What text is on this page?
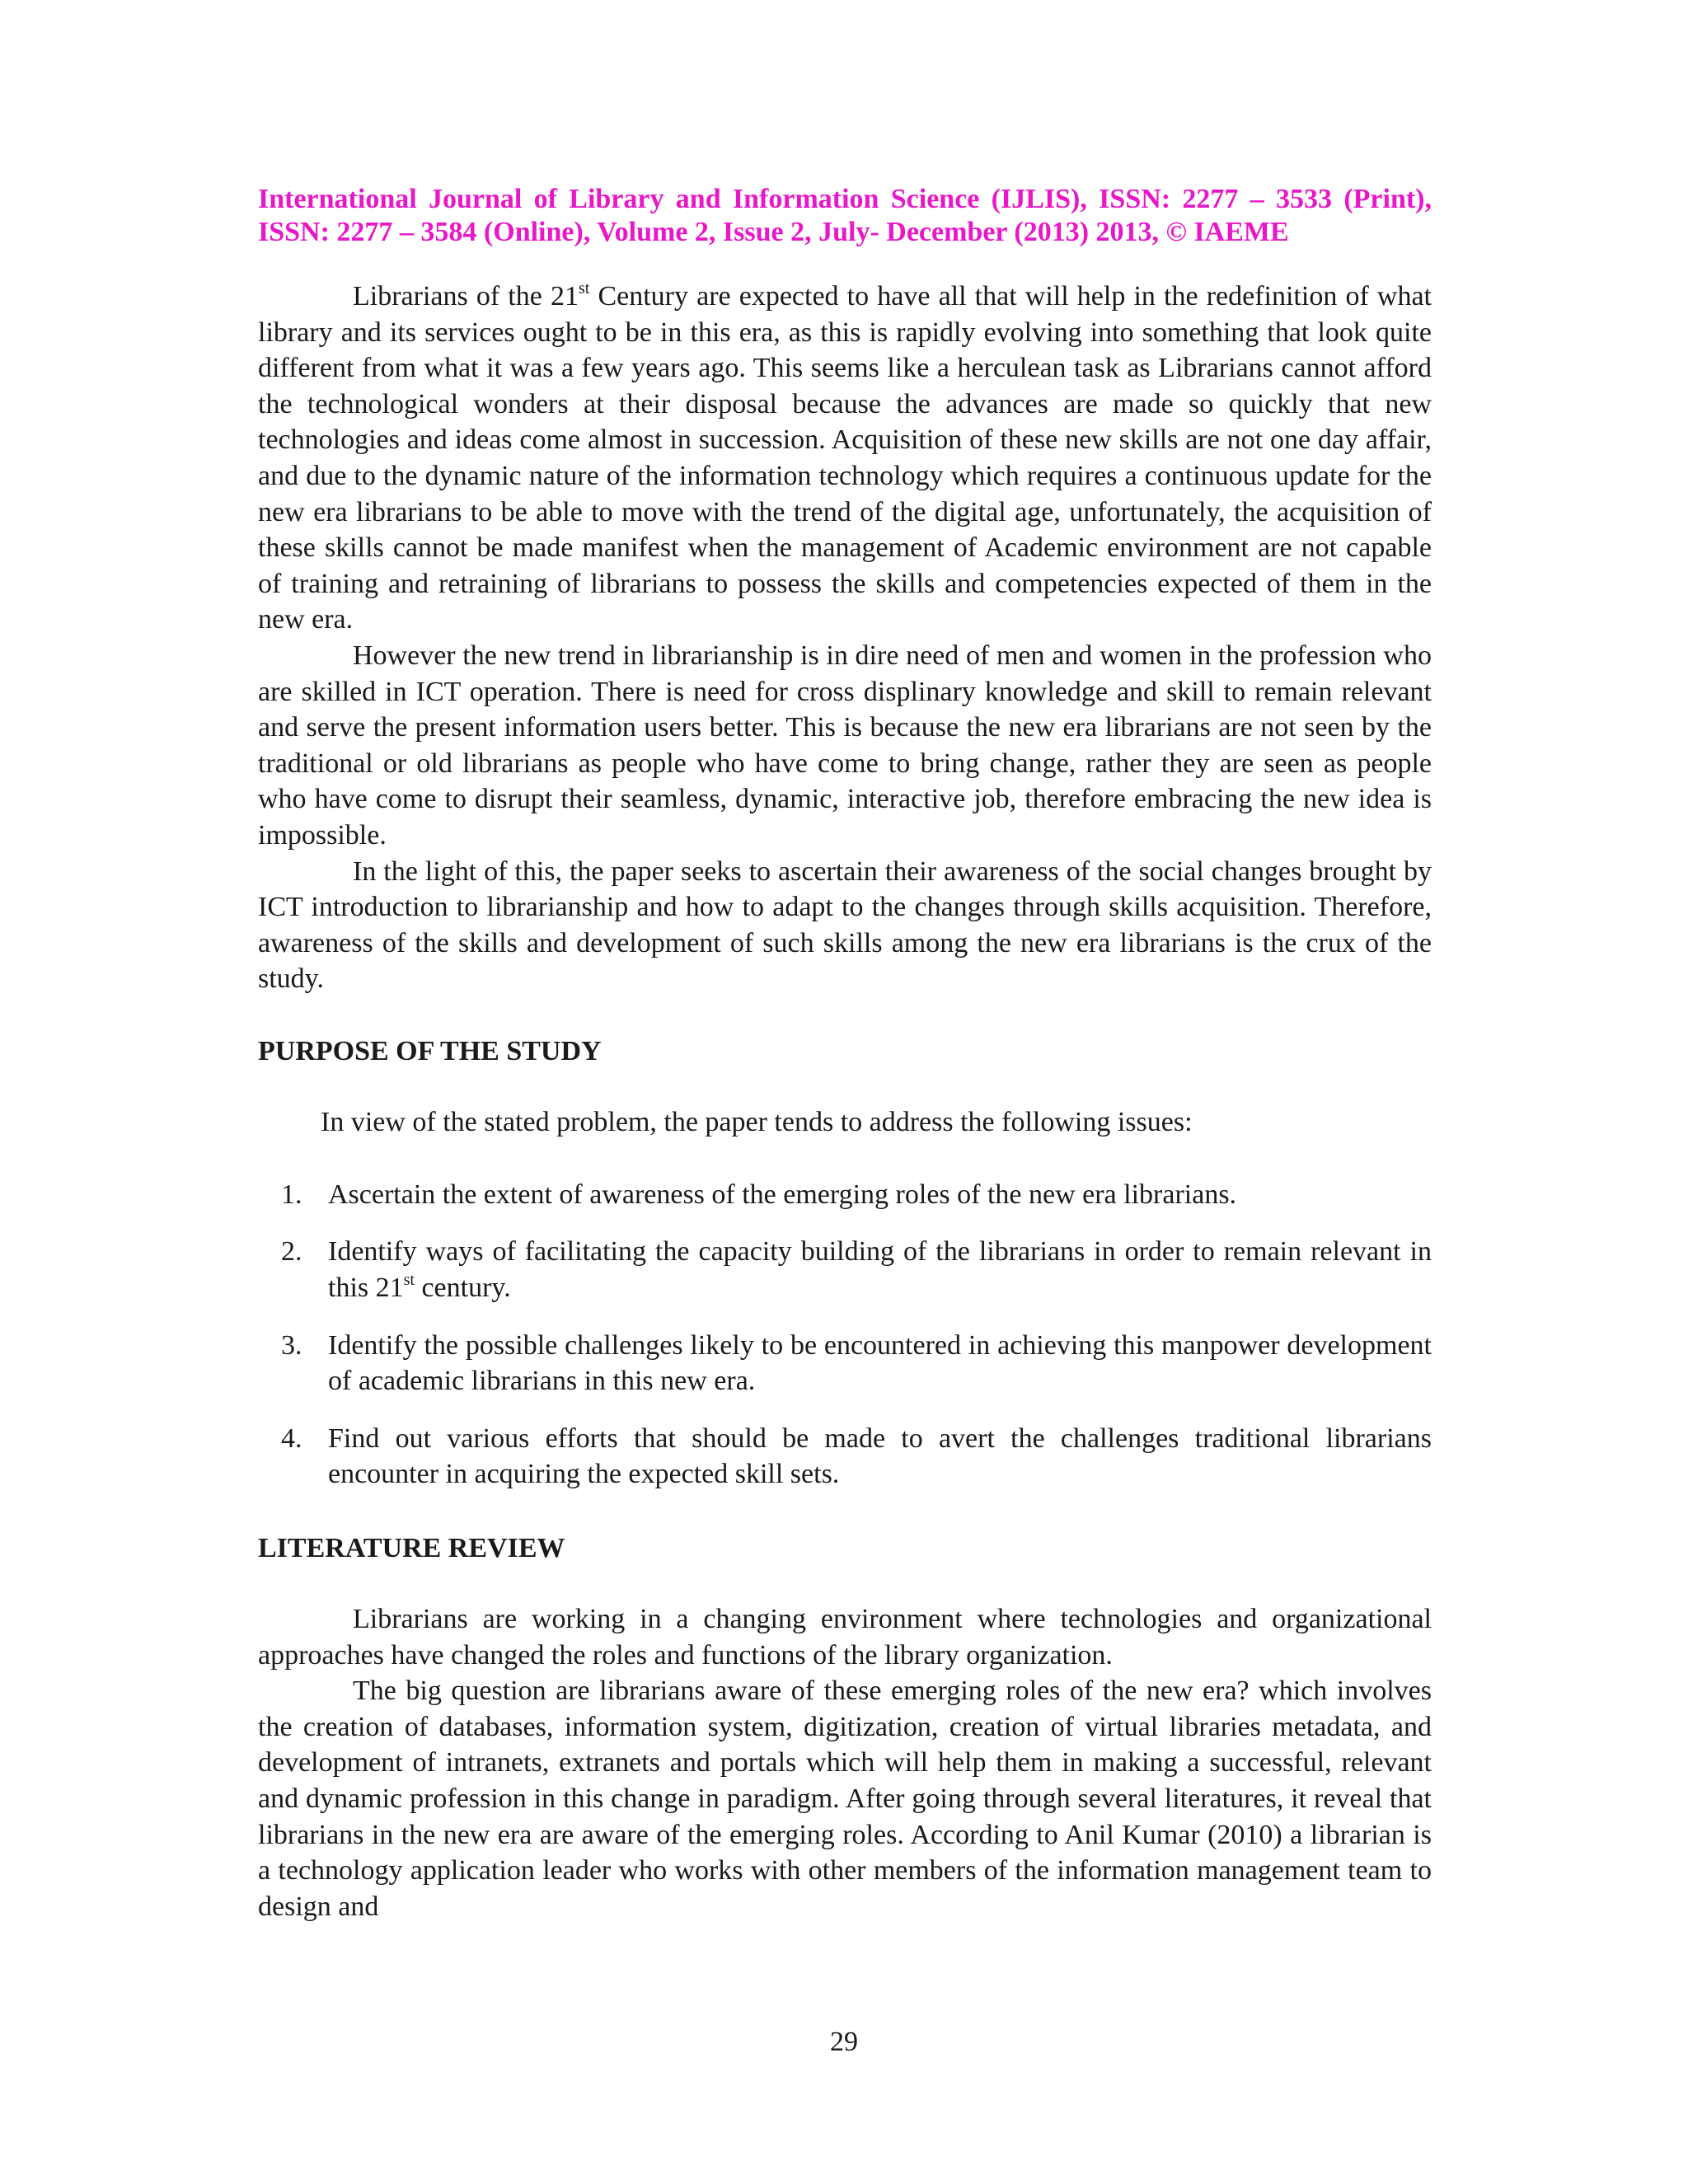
International Journal of Library and Information Science (IJLIS), ISSN: 2277 – 3533 (Print),
ISSN: 2277 – 3584 (Online), Volume 2, Issue 2, July- December (2013) 2013, © IAEME

Librarians of the 21st Century are expected to have all that will help in the redefinition of what library and its services ought to be in this era, as this is rapidly evolving into something that look quite different from what it was a few years ago. This seems like a herculean task as Librarians cannot afford the technological wonders at their disposal because the advances are made so quickly that new technologies and ideas come almost in succession. Acquisition of these new skills are not one day affair, and due to the dynamic nature of the information technology which requires a continuous update for the new era librarians to be able to move with the trend of the digital age, unfortunately, the acquisition of these skills cannot be made manifest when the management of Academic environment are not capable of training and retraining of librarians to possess the skills and competencies expected of them in the new era.

However the new trend in librarianship is in dire need of men and women in the profession who are skilled in ICT operation. There is need for cross displinary knowledge and skill to remain relevant and serve the present information users better. This is because the new era librarians are not seen by the traditional or old librarians as people who have come to bring change, rather they are seen as people who have come to disrupt their seamless, dynamic, interactive job, therefore embracing the new idea is impossible.

In the light of this, the paper seeks to ascertain their awareness of the social changes brought by ICT introduction to librarianship and how to adapt to the changes through skills acquisition. Therefore, awareness of the skills and development of such skills among the new era librarians is the crux of the study.

PURPOSE OF THE STUDY

In view of the stated problem, the paper tends to address the following issues:

1. Ascertain the extent of awareness of the emerging roles of the new era librarians.
2. Identify ways of facilitating the capacity building of the librarians in order to remain relevant in this 21st century.
3. Identify the possible challenges likely to be encountered in achieving this manpower development of academic librarians in this new era.
4. Find out various efforts that should be made to avert the challenges traditional librarians encounter in acquiring the expected skill sets.
LITERATURE REVIEW

Librarians are working in a changing environment where technologies and organizational approaches have changed the roles and functions of the library organization.

The big question are librarians aware of these emerging roles of the new era? which involves the creation of databases, information system, digitization, creation of virtual libraries metadata, and development of intranets, extranets and portals which will help them in making a successful, relevant and dynamic profession in this change in paradigm. After going through several literatures, it reveal that librarians in the new era are aware of the emerging roles. According to Anil Kumar (2010) a librarian is a technology application leader who works with other members of the information management team to design and

29
